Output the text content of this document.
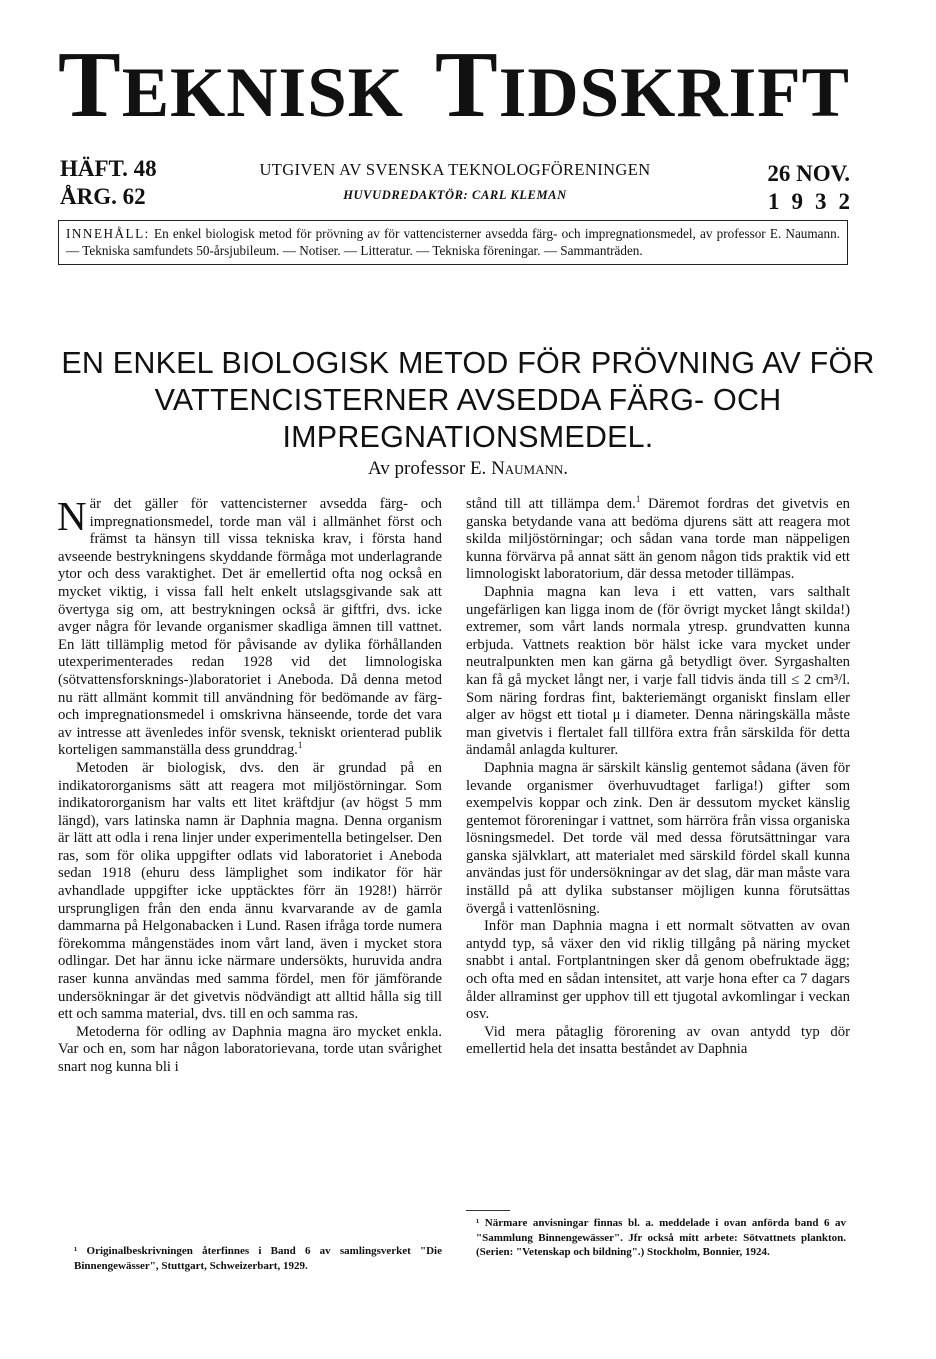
TEKNISK TIDSKRIFT
HÄFT. 48
ÅRG. 62
UTGIVEN AV SVENSKA TEKNOLOGFÖRENINGEN
HUVUDREDAKTÖR: CARL KLEMAN
26 NOV.
1932
INNEHÅLL: En enkel biologisk metod för prövning av för vattencisterner avsedda färg- och impregnationsmedel, av professor E. Naumann. — Tekniska samfundets 50-årsjubileum. — Notiser. — Litteratur. — Tekniska föreningar. — Sammanträden.
EN ENKEL BIOLOGISK METOD FÖR PRÖVNING AV FÖR
VATTENCISTERNER AVSEDDA FÄRG- OCH
IMPREGNATIONSMEDEL.
Av professor E. Naumann.

När det gäller för vattencisterner avsedda färg- och impregnationsmedel, torde man väl i allmänhet först och främst ta hänsyn till vissa tekniska krav, i första hand avseende bestrykningens skyddande förmåga mot underlagrande ytor och dess varaktighet. Det är emellertid ofta nog också en mycket viktig, i vissa fall helt enkelt utslagsgivande sak att övertyga sig om, att bestrykningen också är giftfri, dvs. icke avger några för levande organismer skadliga ämnen till vattnet. En lätt tillämplig metod för påvisande av dylika förhållanden utexperimenterades redan 1928 vid det limnologiska (sötvattensforsknings-)laboratoriet i Aneboda. Då denna metod nu rätt allmänt kommit till användning för bedömande av färg- och impregnationsmedel i omskrivna hänseende, torde det vara av intresse att ävenledes inför svensk, tekniskt orienterad publik korteligen sammanställa dess grunddrag.$^1$

Metoden är biologisk, dvs. den är grundad på en indikatororganisms sätt att reagera mot miljöstörningar. Som indikatororganism har valts ett litet kräftdjur (av högst 5 mm längd), vars latinska namn är Daphnia magna. Denna organism är lätt att odla i rena linjer under experimentella betingelser. Den ras, som för olika uppgifter odlats vid laboratoriet i Aneboda sedan 1918 (ehuru dess lämplighet som indikator för här avhandlade uppgifter icke upptäcktes förr än 1928!) härrör ursprungligen från den enda ännu kvarvarande av de gamla dammarna på Helgonabacken i Lund. Rasen ifråga torde numera förekomma mångenstädes inom vårt land, även i mycket stora odlingar. Det har ännu icke närmare undersökts, huruvida andra raser kunna användas med samma fördel, men för jämförande undersökningar är det givetvis nödvändigt att alltid hålla sig till ett och samma material, dvs. till en och samma ras.

Metoderna för odling av Daphnia magna äro mycket enkla. Var och en, som har någon laboratorievana, torde utan svårighet snart nog kunna bli i

stånd till att tillämpa dem.$^1$ Däremot fordras det givetvis en ganska betydande vana att bedöma djurens sätt att reagera mot skilda miljöstörningar; och sådan vana torde man näppeligen kunna förvärva på annat sätt än genom någon tids praktik vid ett limnologiskt laboratorium, där dessa metoder tillämpas.

Daphnia magna kan leva i ett vatten, vars salthalt ungefärligen kan ligga inom de (för övrigt mycket långt skilda!) extremer, som vårt lands normala ytresp. grundvatten kunna erbjuda. Vattnets reaktion bör hälst icke vara mycket under neutralpunkten men kan gärna gå betydligt över. Syrgashalten kan få gå mycket långt ner, i varje fall tidvis ända till ≤ 2 cm³/l. Som näring fordras fint, bakteriemängt organiskt finslam eller alger av högst ett tiotal μ i diameter. Denna näringskälla måste man givetvis i flertalet fall tillföra extra från särskilda för detta ändamål anlagda kulturer.

Daphnia magna är särskilt känslig gentemot sådana (även för levande organismer överhuvudtaget farliga!) gifter som exempelvis koppar och zink. Den är dessutom mycket känslig gentemot föroreningar i vattnet, som härröra från vissa organiska lösningsmedel. Det torde väl med dessa förutsättningar vara ganska självklart, att materialet med särskild fördel skall kunna användas just för undersökningar av det slag, där man måste vara inställd på att dylika substanser möjligen kunna förutsättas övergå i vattenlösning.

Inför man Daphnia magna i ett normalt sötvatten av ovan antydd typ, så växer den vid riklig tillgång på näring mycket snabbt i antal. Fortplantningen sker då genom obefruktade ägg; och ofta med en sådan intensitet, att varje hona efter ca 7 dagars ålder allraminst ger upphov till ett tjugotal avkomlingar i veckan osv.

Vid mera påtaglig förorening av ovan antydd typ dör emellertid hela det insatta beståndet av Daphnia

¹ Originalbeskrivningen återfinnes i Band 6 av samlingsverket "Die Binnengewässer", Stuttgart, Schweizerbart, 1929.
¹ Närmare anvisningar finnas bl. a. meddelade i ovan anförda band 6 av "Sammlung Binnengewässer". Jfr också mitt arbete: Sötvattnets plankton. (Serien: "Vetenskap och bildning".) Stockholm, Bonnier, 1924.
